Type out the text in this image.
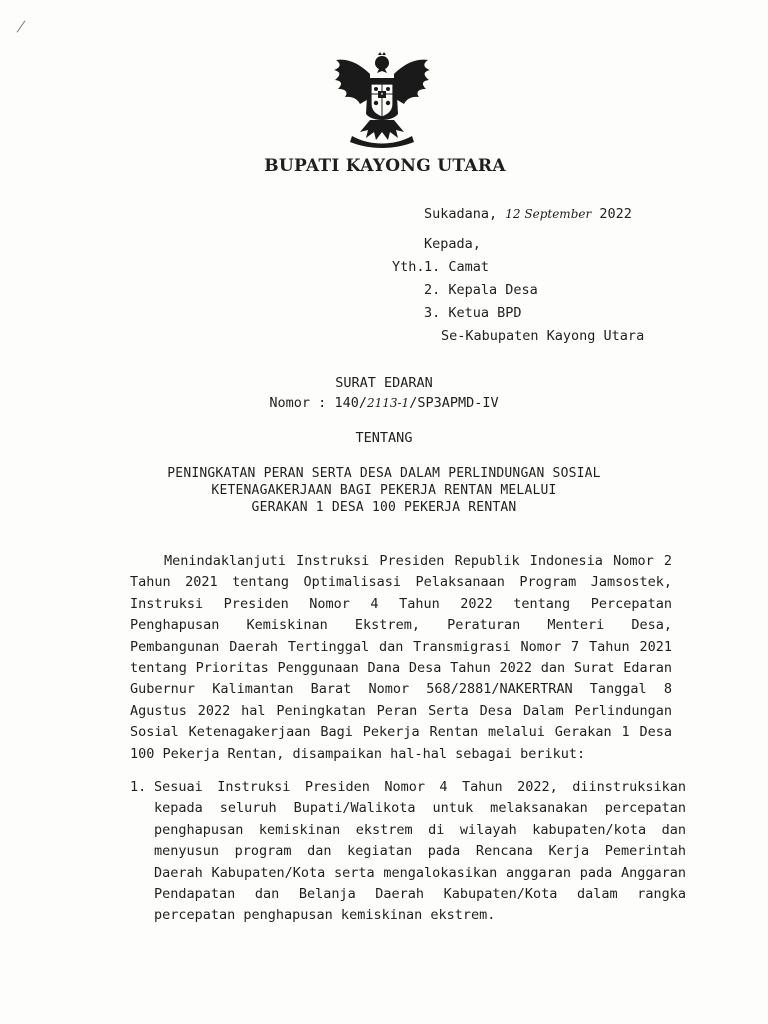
BUPATI KAYONG UTARA
Sukadana, 12 September 2022
Kepada,
Yth. 1. Camat
2. Kepala Desa
3. Ketua BPD
Se-Kabupaten Kayong Utara
SURAT EDARAN
Nomor : 140/2113-1/SP3APMD-IV
TENTANG
PENINGKATAN PERAN SERTA DESA DALAM PERLINDUNGAN SOSIAL
KETENAGAKERJAAN BAGI PEKERJA RENTAN MELALUI
GERAKAN 1 DESA 100 PEKERJA RENTAN
Menindaklanjuti Instruksi Presiden Republik Indonesia Nomor 2 Tahun 2021 tentang Optimalisasi Pelaksanaan Program Jamsostek, Instruksi Presiden Nomor 4 Tahun 2022 tentang Percepatan Penghapusan Kemiskinan Ekstrem, Peraturan Menteri Desa, Pembangunan Daerah Tertinggal dan Transmigrasi Nomor 7 Tahun 2021 tentang Prioritas Penggunaan Dana Desa Tahun 2022 dan Surat Edaran Gubernur Kalimantan Barat Nomor 568/2881/NAKERTRAN Tanggal 8 Agustus 2022 hal Peningkatan Peran Serta Desa Dalam Perlindungan Sosial Ketenagakerjaan Bagi Pekerja Rentan melalui Gerakan 1 Desa 100 Pekerja Rentan, disampaikan hal-hal sebagai berikut:
1. Sesuai Instruksi Presiden Nomor 4 Tahun 2022, diinstruksikan kepada seluruh Bupati/Walikota untuk melaksanakan percepatan penghapusan kemiskinan ekstrem di wilayah kabupaten/kota dan menyusun program dan kegiatan pada Rencana Kerja Pemerintah Daerah Kabupaten/Kota serta mengalokasikan anggaran pada Anggaran Pendapatan dan Belanja Daerah Kabupaten/Kota dalam rangka percepatan penghapusan kemiskinan ekstrem.
